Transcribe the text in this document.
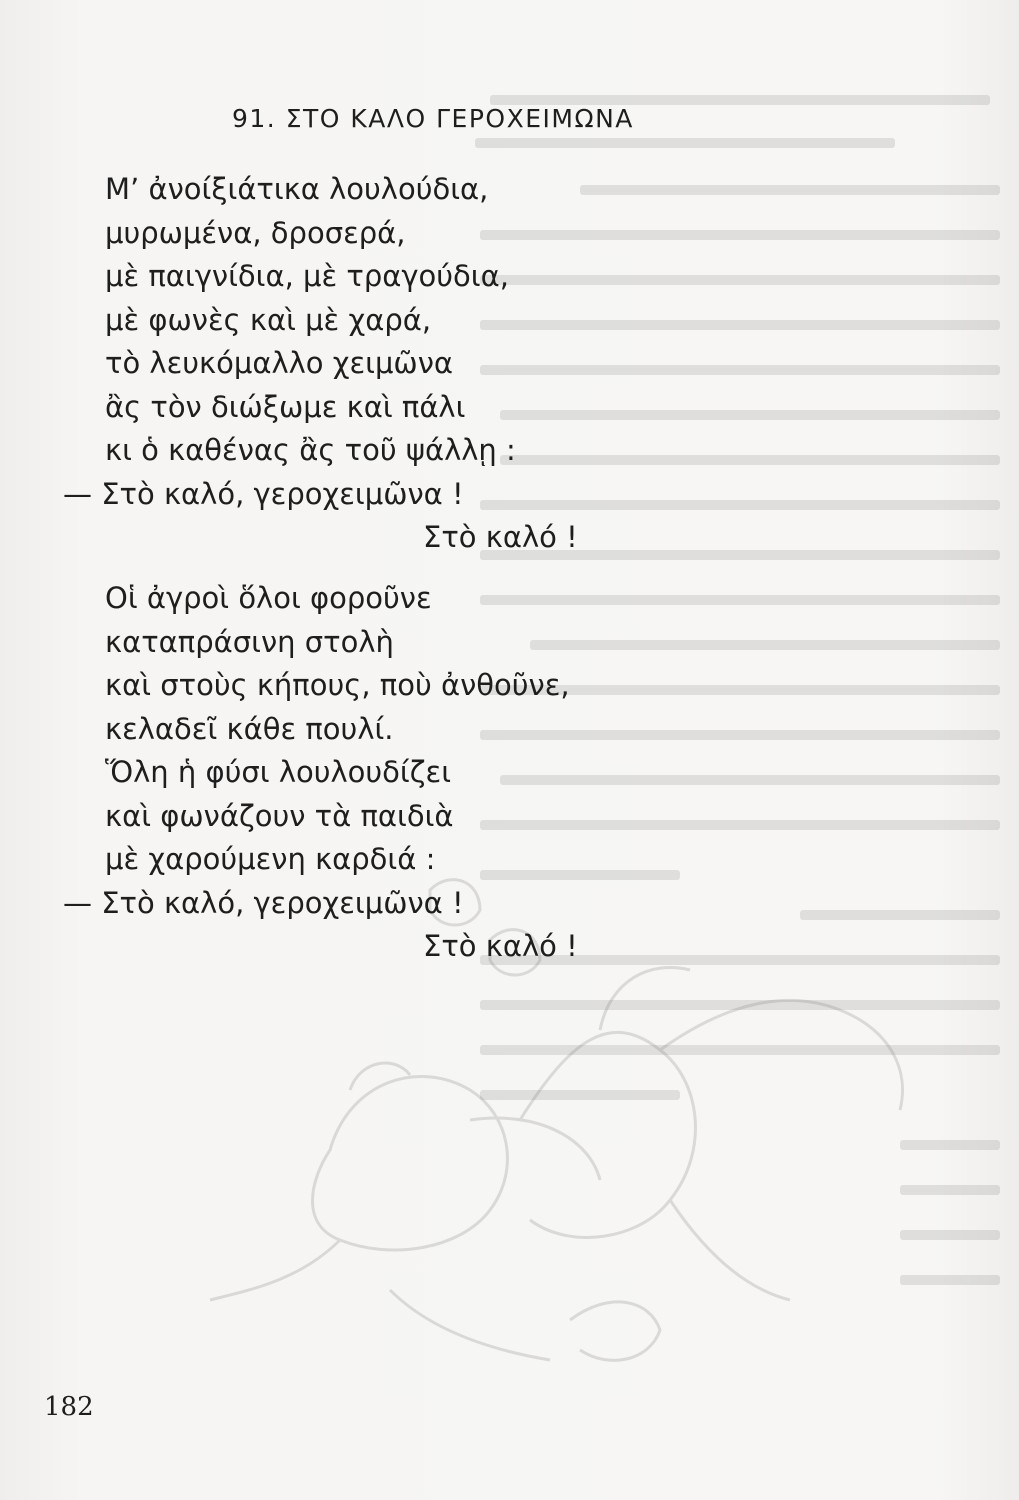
91. ΣΤΟ ΚΑΛΟ ΓΕΡΟΧΕΙΜΩΝΑ
Μ’ ἀνοίξιάτικα λουλούδια,
μυρωμένα, δροσερά,
μὲ παιγνίδια, μὲ τραγούδια,
μὲ φωνὲς καὶ μὲ χαρά,
τὸ λευκόμαλλο χειμῶνα
ἂς τὸν διώξωμε καὶ πάλι
κι ὁ καθένας ἂς τοῦ ψάλλῃ :
— Στὸ καλό, γεροχειμῶνα !
Στὸ καλό !
Οἱ ἀγροὶ ὅλοι φοροῦνε
καταπράσινη στολὴ
καὶ στοὺς κήπους, ποὺ ἀνθοῦνε,
κελαδεῖ κάθε πουλί.
Ὅλη ἡ φύσι λουλουδίζει
καὶ φωνάζουν τὰ παιδιὰ
μὲ χαρούμενη καρδιά :
— Στὸ καλό, γεροχειμῶνα !
Στὸ καλό !
182
